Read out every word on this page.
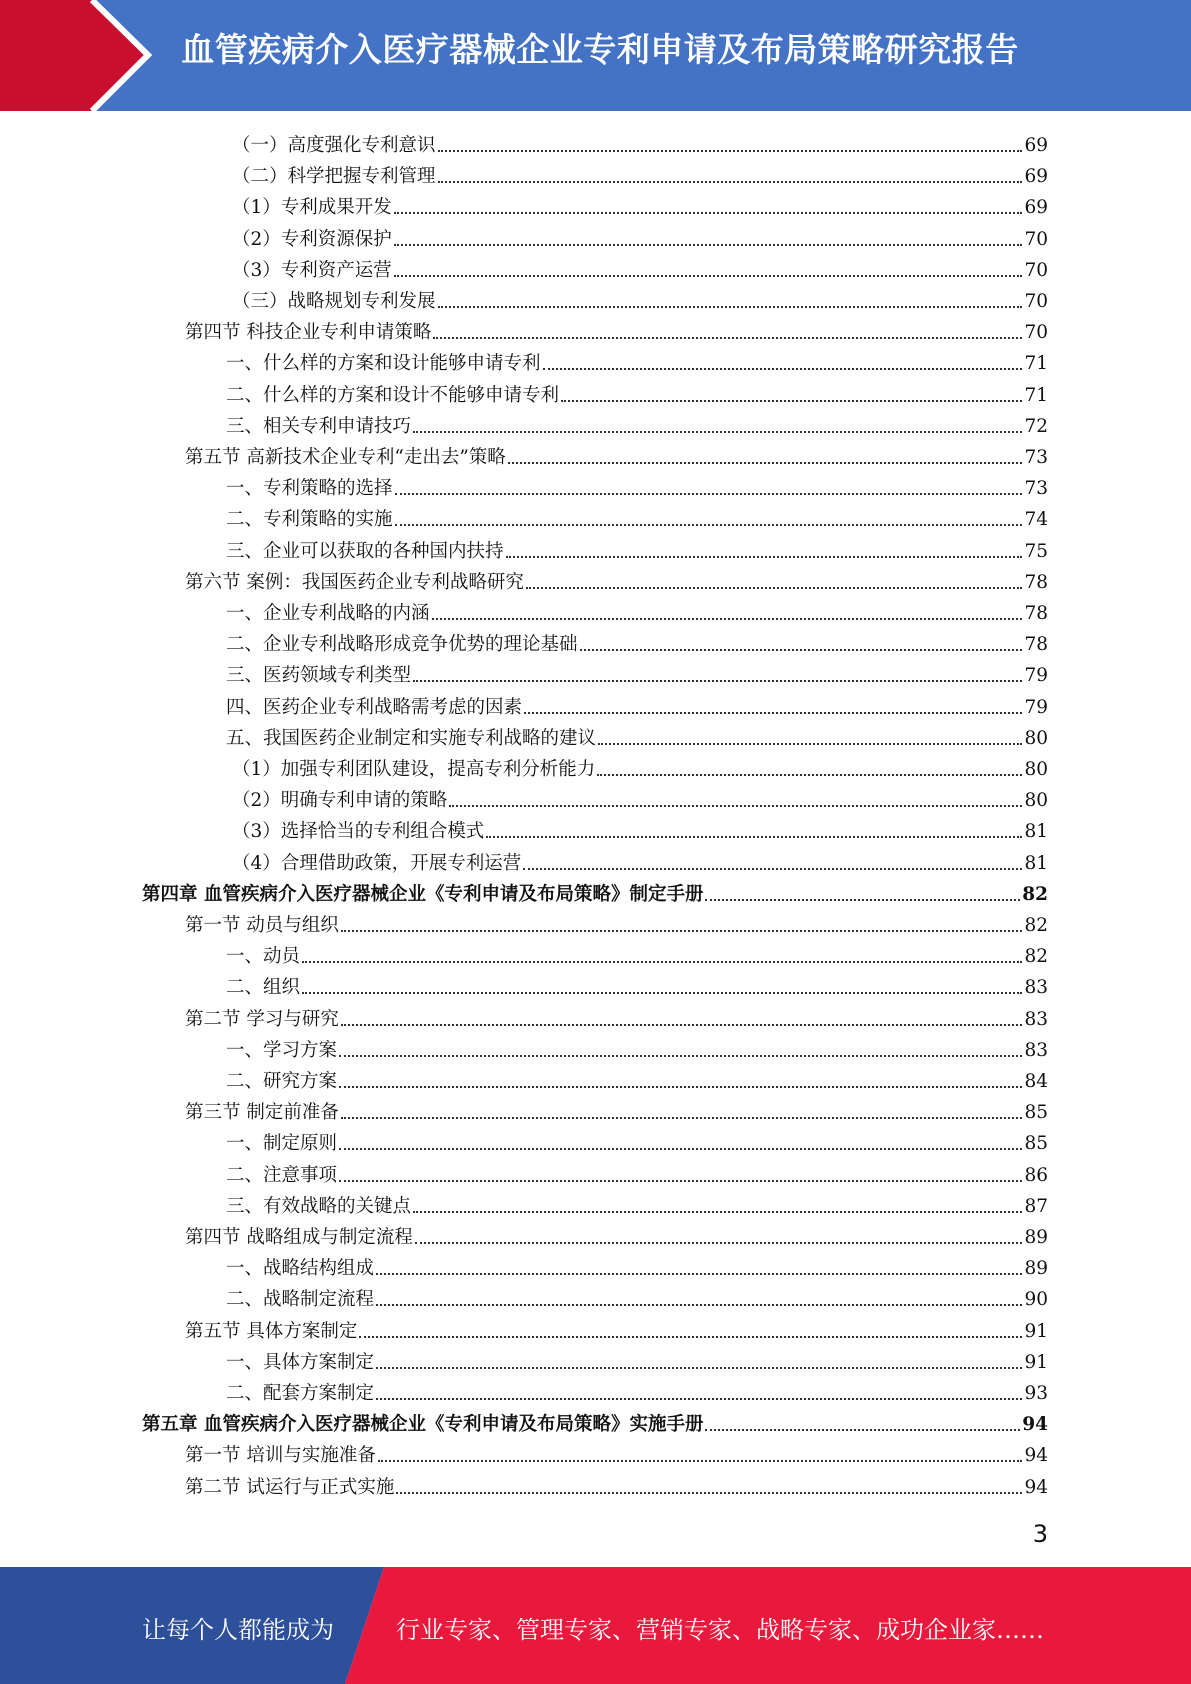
血管疾病介入医疗器械企业专利申请及布局策略研究报告
（一）高度强化专利意识	69
（二）科学把握专利管理	69
（1）专利成果开发	69
（2）专利资源保护	70
（3）专利资产运营	70
（三）战略规划专利发展	70
第四节 科技企业专利申请策略	70
一、什么样的方案和设计能够申请专利	71
二、什么样的方案和设计不能够申请专利	71
三、相关专利申请技巧	72
第五节 高新技术企业专利“走出去”策略	73
一、专利策略的选择	73
二、专利策略的实施	74
三、企业可以获取的各种国内扶持	75
第六节 案例：我国医药企业专利战略研究	78
一、企业专利战略的内涵	78
二、企业专利战略形成竞争优势的理论基础	78
三、医药领域专利类型	79
四、医药企业专利战略需考虑的因素	79
五、我国医药企业制定和实施专利战略的建议	80
（1）加强专利团队建设，提高专利分析能力	80
（2）明确专利申请的策略	80
（3）选择恰当的专利组合模式	81
（4）合理借助政策，开展专利运营	81
第四章 血管疾病介入医疗器械企业《专利申请及布局策略》制定手册	82
第一节 动员与组织	82
一、动员	82
二、组织	83
第二节 学习与研究	83
一、学习方案	83
二、研究方案	84
第三节 制定前准备	85
一、制定原则	85
二、注意事项	86
三、有效战略的关键点	87
第四节 战略组成与制定流程	89
一、战略结构组成	89
二、战略制定流程	90
第五节 具体方案制定	91
一、具体方案制定	91
二、配套方案制定	93
第五章 血管疾病介入医疗器械企业《专利申请及布局策略》实施手册	94
第一节 培训与实施准备	94
第二节 试运行与正式实施	94
3
让每个人都能成为	行业专家、管理专家、营销专家、战略专家、成功企业家……
